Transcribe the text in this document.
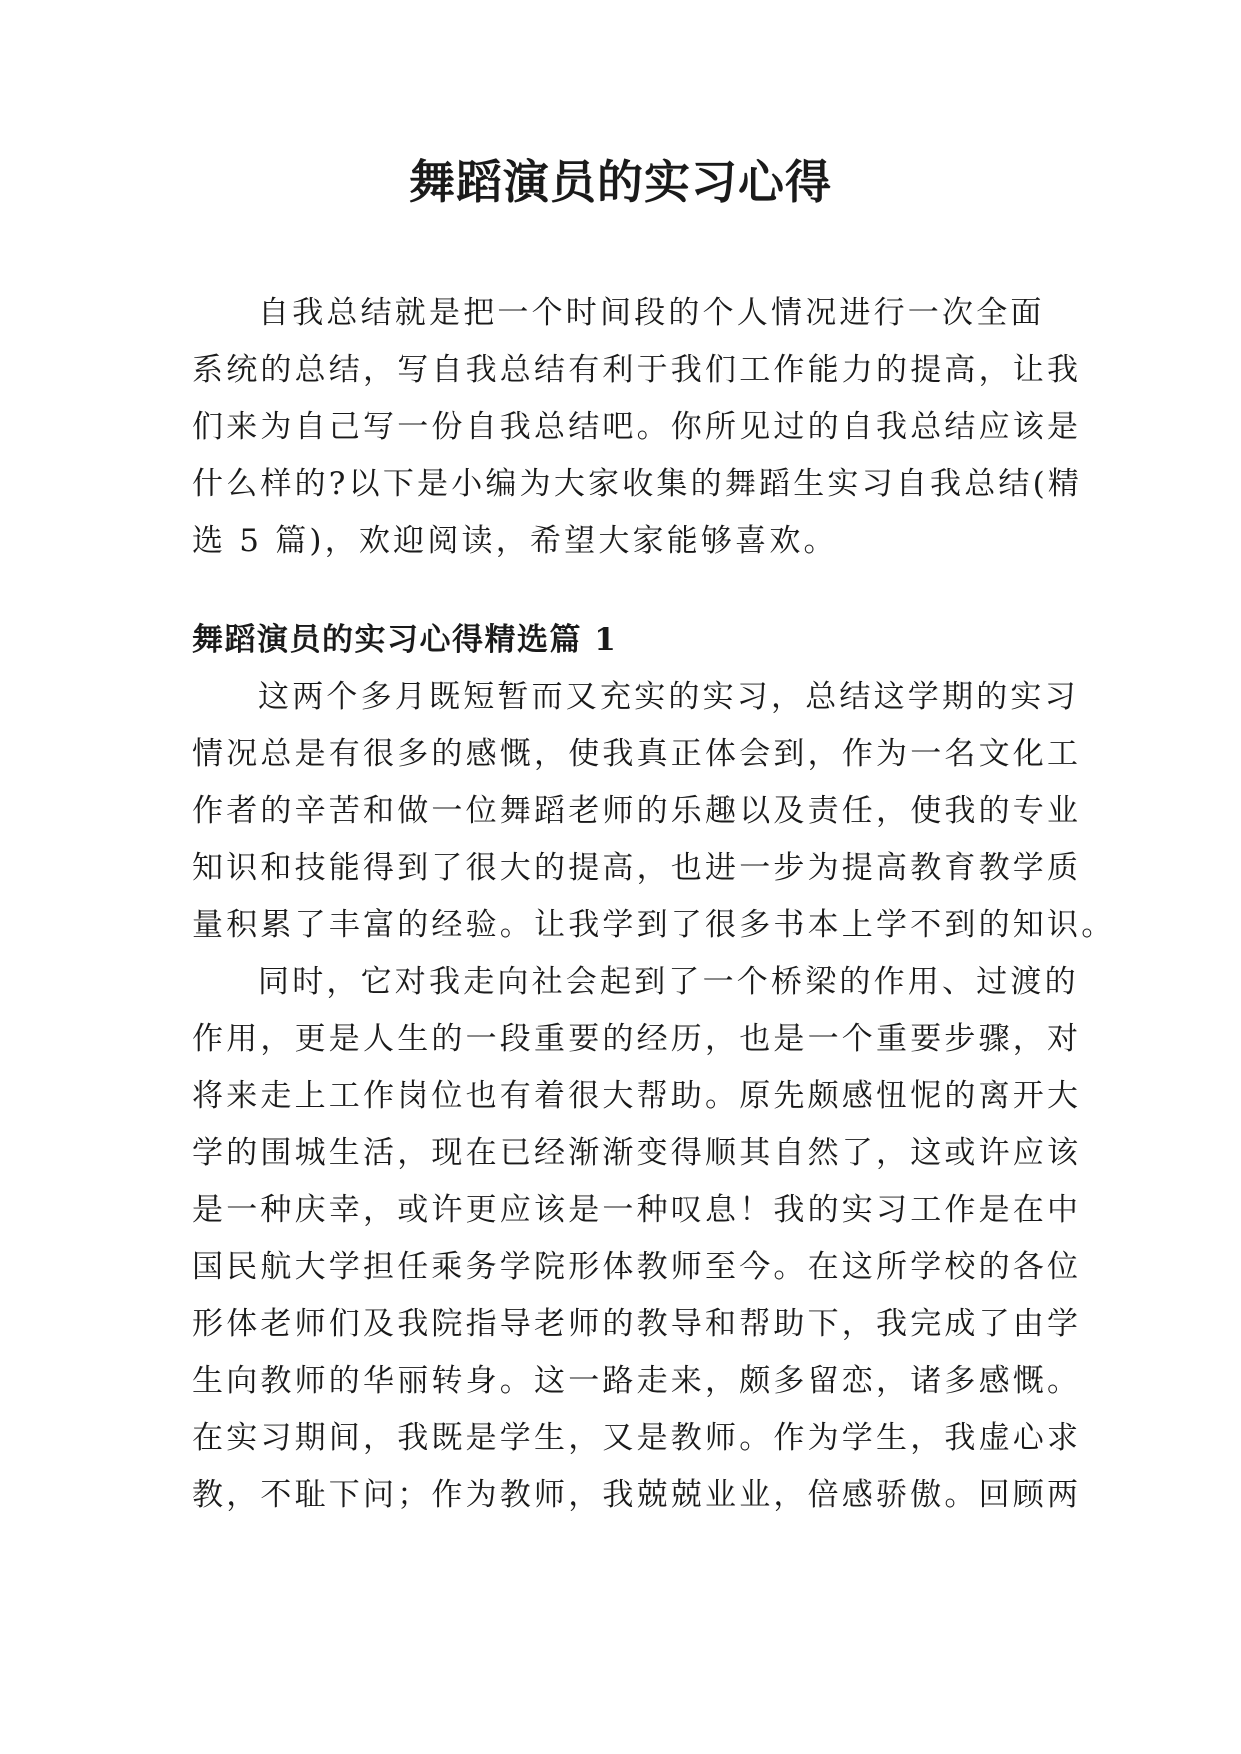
舞蹈演员的实习心得
自我总结就是把一个时间段的个人情况进行一次全面
系统的总结，写自我总结有利于我们工作能力的提高，让我
们来为自己写一份自我总结吧。你所见过的自我总结应该是
什么样的?以下是小编为大家收集的舞蹈生实习自我总结(精
选 5 篇)，欢迎阅读，希望大家能够喜欢。
舞蹈演员的实习心得精选篇 1
这两个多月既短暂而又充实的实习，总结这学期的实习
情况总是有很多的感慨，使我真正体会到，作为一名文化工
作者的辛苦和做一位舞蹈老师的乐趣以及责任，使我的专业
知识和技能得到了很大的提高，也进一步为提高教育教学质
量积累了丰富的经验。让我学到了很多书本上学不到的知识。
同时，它对我走向社会起到了一个桥梁的作用、过渡的
作用，更是人生的一段重要的经历，也是一个重要步骤，对
将来走上工作岗位也有着很大帮助。原先颇感忸怩的离开大
学的围城生活，现在已经渐渐变得顺其自然了，这或许应该
是一种庆幸，或许更应该是一种叹息！我的实习工作是在中
国民航大学担任乘务学院形体教师至今。在这所学校的各位
形体老师们及我院指导老师的教导和帮助下，我完成了由学
生向教师的华丽转身。这一路走来，颇多留恋，诸多感慨。
在实习期间，我既是学生，又是教师。作为学生，我虚心求
教，不耻下问；作为教师，我兢兢业业，倍感骄傲。回顾两
